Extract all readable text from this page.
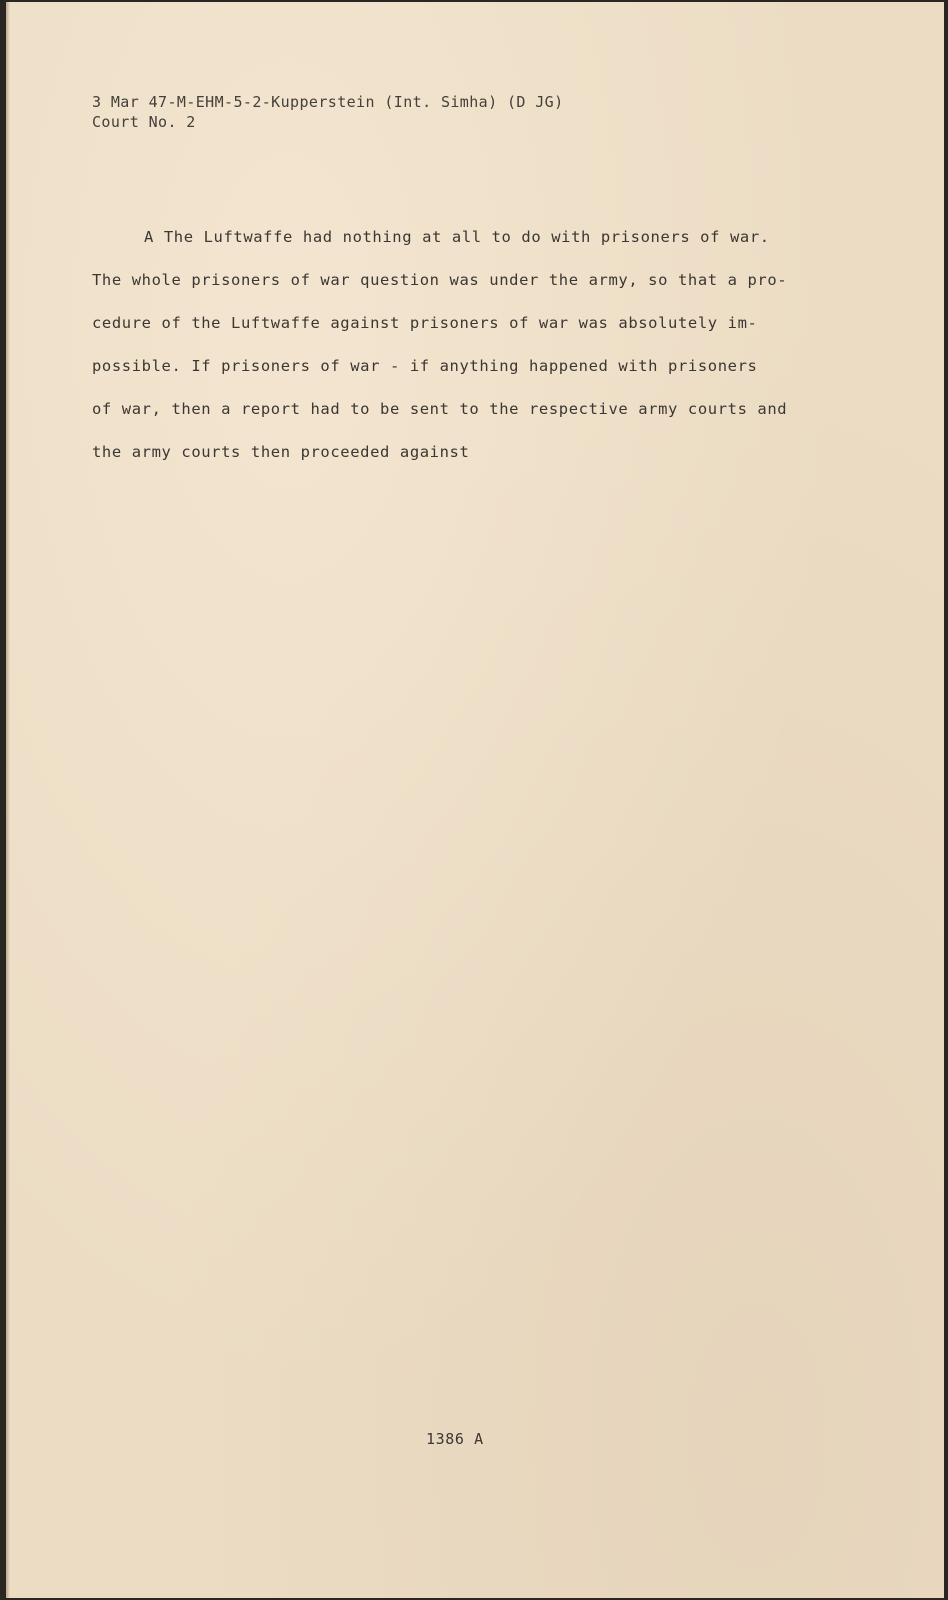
3 Mar 47-M-EHM-5-2-Kupperstein (Int. Simha) (D JG)
Court No. 2
A The Luftwaffe had nothing at all to do with prisoners of war.
The whole prisoners of war question was under the army, so that a pro-
cedure of the Luftwaffe against prisoners of war was absolutely im-
possible. If prisoners of war - if anything happened with prisoners
of war, then a report had to be sent to the respective army courts and
the army courts then proceeded against
1386 A
